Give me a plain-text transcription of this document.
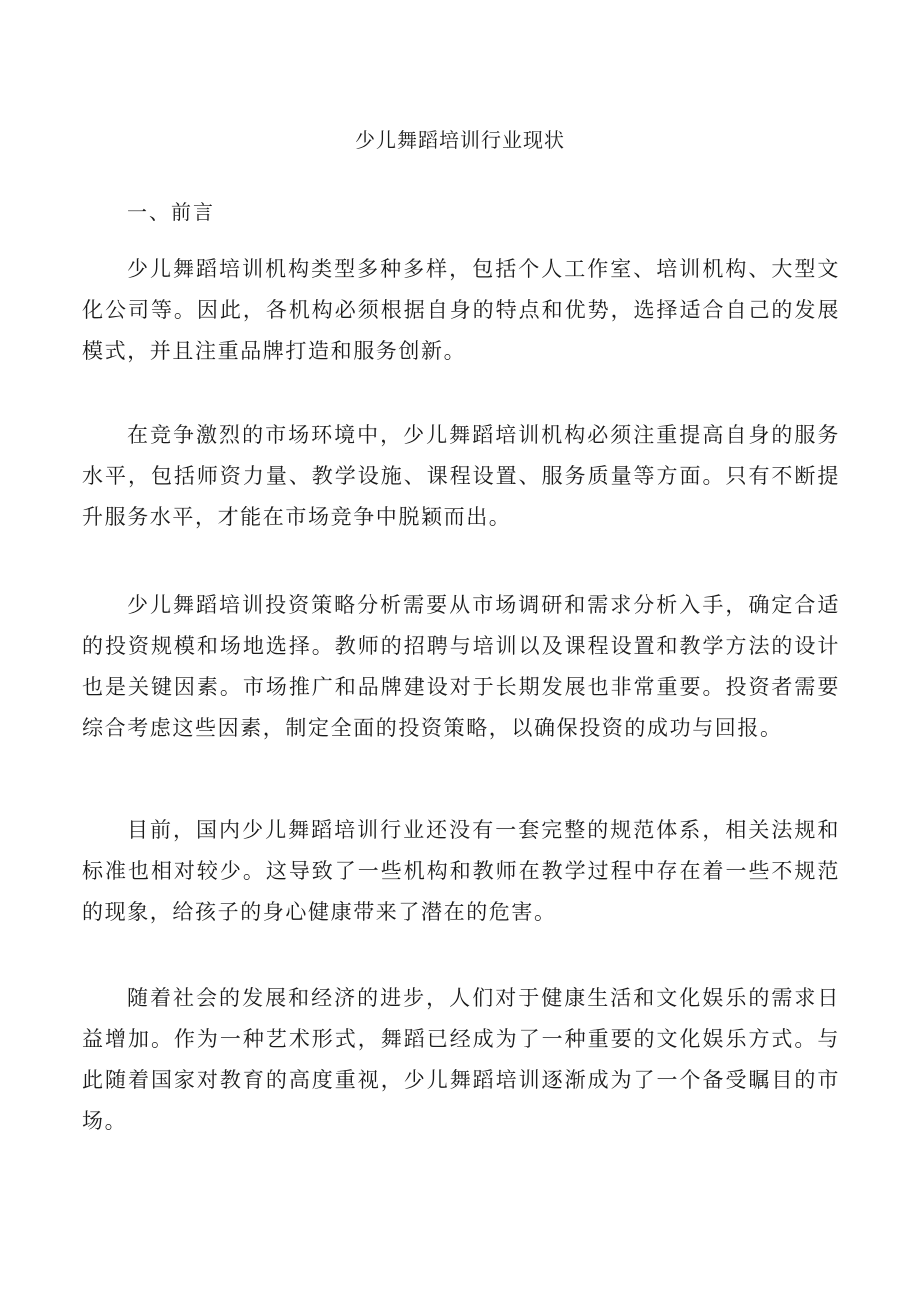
少儿舞蹈培训行业现状
一、前言

少儿舞蹈培训机构类型多种多样，包括个人工作室、培训机构、大型文化公司等。因此，各机构必须根据自身的特点和优势，选择适合自己的发展模式，并且注重品牌打造和服务创新。

在竞争激烈的市场环境中，少儿舞蹈培训机构必须注重提高自身的服务水平，包括师资力量、教学设施、课程设置、服务质量等方面。只有不断提升服务水平，才能在市场竞争中脱颖而出。

少儿舞蹈培训投资策略分析需要从市场调研和需求分析入手，确定合适的投资规模和场地选择。教师的招聘与培训以及课程设置和教学方法的设计也是关键因素。市场推广和品牌建设对于长期发展也非常重要。投资者需要综合考虑这些因素，制定全面的投资策略，以确保投资的成功与回报。

目前，国内少儿舞蹈培训行业还没有一套完整的规范体系，相关法规和标准也相对较少。这导致了一些机构和教师在教学过程中存在着一些不规范的现象，给孩子的身心健康带来了潜在的危害。

随着社会的发展和经济的进步，人们对于健康生活和文化娱乐的需求日益增加。作为一种艺术形式，舞蹈已经成为了一种重要的文化娱乐方式。与此随着国家对教育的高度重视，少儿舞蹈培训逐渐成为了一个备受瞩目的市场。
